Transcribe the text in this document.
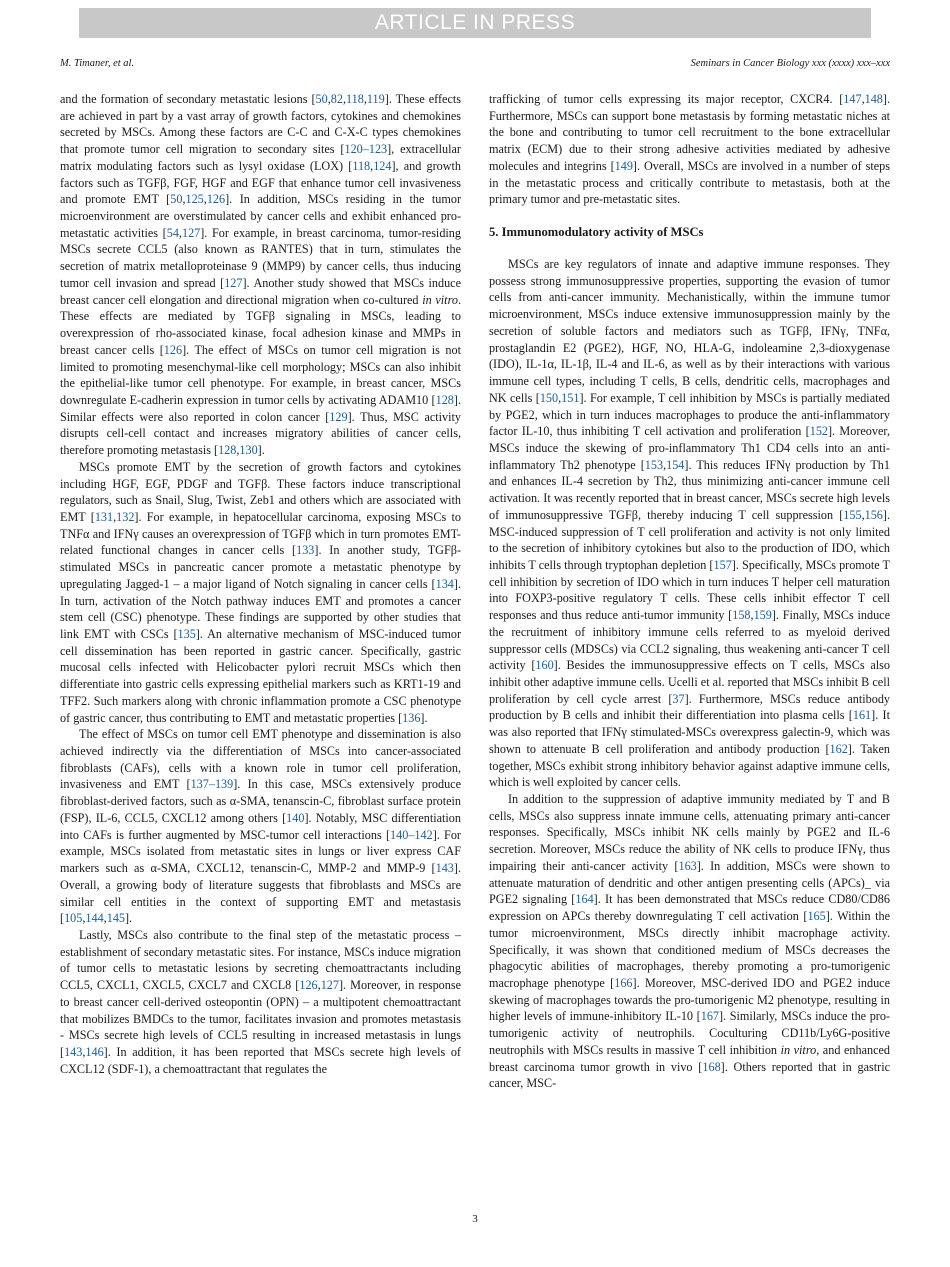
ARTICLE IN PRESS
M. Timaner, et al.	Seminars in Cancer Biology xxx (xxxx) xxx–xxx

and the formation of secondary metastatic lesions [50,82,118,119]. These effects are achieved in part by a vast array of growth factors, cytokines and chemokines secreted by MSCs. Among these factors are C-C and C-X-C types chemokines that promote tumor cell migration to secondary sites [120–123], extracellular matrix modulating factors such as lysyl oxidase (LOX) [118,124], and growth factors such as TGFβ, FGF, HGF and EGF that enhance tumor cell invasiveness and promote EMT [50,125,126]. In addition, MSCs residing in the tumor microenvironment are overstimulated by cancer cells and exhibit enhanced pro-metastatic activities [54,127]. For example, in breast carcinoma, tumor-residing MSCs secrete CCL5 (also known as RANTES) that in turn, stimulates the secretion of matrix metalloproteinase 9 (MMP9) by cancer cells, thus inducing tumor cell invasion and spread [127]. Another study showed that MSCs induce breast cancer cell elongation and directional migration when co-cultured in vitro. These effects are mediated by TGFβ signaling in MSCs, leading to overexpression of rho-associated kinase, focal adhesion kinase and MMPs in breast cancer cells [126]. The effect of MSCs on tumor cell migration is not limited to promoting mesenchymal-like cell morphology; MSCs can also inhibit the epithelial-like tumor cell phenotype. For example, in breast cancer, MSCs downregulate E-cadherin expression in tumor cells by activating ADAM10 [128]. Similar effects were also reported in colon cancer [129]. Thus, MSC activity disrupts cell-cell contact and increases migratory abilities of cancer cells, therefore promoting metastasis [128,130].

MSCs promote EMT by the secretion of growth factors and cytokines including HGF, EGF, PDGF and TGFβ. These factors induce transcriptional regulators, such as Snail, Slug, Twist, Zeb1 and others which are associated with EMT [131,132]. For example, in hepatocellular carcinoma, exposing MSCs to TNFα and IFNγ causes an overexpression of TGFβ which in turn promotes EMT-related functional changes in cancer cells [133]. In another study, TGFβ-stimulated MSCs in pancreatic cancer promote a metastatic phenotype by upregulating Jagged-1 – a major ligand of Notch signaling in cancer cells [134]. In turn, activation of the Notch pathway induces EMT and promotes a cancer stem cell (CSC) phenotype. These findings are supported by other studies that link EMT with CSCs [135]. An alternative mechanism of MSC-induced tumor cell dissemination has been reported in gastric cancer. Specifically, gastric mucosal cells infected with Helicobacter pylori recruit MSCs which then differentiate into gastric cells expressing epithelial markers such as KRT1-19 and TFF2. Such markers along with chronic inflammation promote a CSC phenotype of gastric cancer, thus contributing to EMT and metastatic properties [136].

The effect of MSCs on tumor cell EMT phenotype and dissemination is also achieved indirectly via the differentiation of MSCs into cancer-associated fibroblasts (CAFs), cells with a known role in tumor cell proliferation, invasiveness and EMT [137–139]. In this case, MSCs extensively produce fibroblast-derived factors, such as α-SMA, tenanscin-C, fibroblast surface protein (FSP), IL-6, CCL5, CXCL12 among others [140]. Notably, MSC differentiation into CAFs is further augmented by MSC-tumor cell interactions [140–142]. For example, MSCs isolated from metastatic sites in lungs or liver express CAF markers such as α-SMA, CXCL12, tenanscin-C, MMP-2 and MMP-9 [143]. Overall, a growing body of literature suggests that fibroblasts and MSCs are similar cell entities in the context of supporting EMT and metastasis [105,144,145].

Lastly, MSCs also contribute to the final step of the metastatic process – establishment of secondary metastatic sites. For instance, MSCs induce migration of tumor cells to metastatic lesions by secreting chemoattractants including CCL5, CXCL1, CXCL5, CXCL7 and CXCL8 [126,127]. Moreover, in response to breast cancer cell-derived osteopontin (OPN) – a multipotent chemoattractant that mobilizes BMDCs to the tumor, facilitates invasion and promotes metastasis - MSCs secrete high levels of CCL5 resulting in increased metastasis in lungs [143,146]. In addition, it has been reported that MSCs secrete high levels of CXCL12 (SDF-1), a chemoattractant that regulates the

trafficking of tumor cells expressing its major receptor, CXCR4. [147,148]. Furthermore, MSCs can support bone metastasis by forming metastatic niches at the bone and contributing to tumor cell recruitment to the bone extracellular matrix (ECM) due to their strong adhesive activities mediated by adhesive molecules and integrins [149]. Overall, MSCs are involved in a number of steps in the metastatic process and critically contribute to metastasis, both at the primary tumor and pre-metastatic sites.

5. Immunomodulatory activity of MSCs

MSCs are key regulators of innate and adaptive immune responses. They possess strong immunosuppressive properties, supporting the evasion of tumor cells from anti-cancer immunity. Mechanistically, within the immune tumor microenvironment, MSCs induce extensive immunosuppression mainly by the secretion of soluble factors and mediators such as TGFβ, IFNγ, TNFα, prostaglandin E2 (PGE2), HGF, NO, HLA-G, indoleamine 2,3-dioxygenase (IDO), IL-1α, IL-1β, IL-4 and IL-6, as well as by their interactions with various immune cell types, including T cells, B cells, dendritic cells, macrophages and NK cells [150,151]. For example, T cell inhibition by MSCs is partially mediated by PGE2, which in turn induces macrophages to produce the anti-inflammatory factor IL-10, thus inhibiting T cell activation and proliferation [152]. Moreover, MSCs induce the skewing of pro-inflammatory Th1 CD4 cells into an anti-inflammatory Th2 phenotype [153,154]. This reduces IFNγ production by Th1 and enhances IL-4 secretion by Th2, thus minimizing anti-cancer immune cell activation. It was recently reported that in breast cancer, MSCs secrete high levels of immunosuppressive TGFβ, thereby inducing T cell suppression [155,156]. MSC-induced suppression of T cell proliferation and activity is not only limited to the secretion of inhibitory cytokines but also to the production of IDO, which inhibits T cells through tryptophan depletion [157]. Specifically, MSCs promote T cell inhibition by secretion of IDO which in turn induces T helper cell maturation into FOXP3-positive regulatory T cells. These cells inhibit effector T cell responses and thus reduce anti-tumor immunity [158,159]. Finally, MSCs induce the recruitment of inhibitory immune cells referred to as myeloid derived suppressor cells (MDSCs) via CCL2 signaling, thus weakening anti-cancer T cell activity [160]. Besides the immunosuppressive effects on T cells, MSCs also inhibit other adaptive immune cells. Ucelli et al. reported that MSCs inhibit B cell proliferation by cell cycle arrest [37]. Furthermore, MSCs reduce antibody production by B cells and inhibit their differentiation into plasma cells [161]. It was also reported that IFNγ stimulated-MSCs overexpress galectin-9, which was shown to attenuate B cell proliferation and antibody production [162]. Taken together, MSCs exhibit strong inhibitory behavior against adaptive immune cells, which is well exploited by cancer cells.

In addition to the suppression of adaptive immunity mediated by T and B cells, MSCs also suppress innate immune cells, attenuating primary anti-cancer responses. Specifically, MSCs inhibit NK cells mainly by PGE2 and IL-6 secretion. Moreover, MSCs reduce the ability of NK cells to produce IFNγ, thus impairing their anti-cancer activity [163]. In addition, MSCs were shown to attenuate maturation of dendritic and other antigen presenting cells (APCs)_ via PGE2 signaling [164]. It has been demonstrated that MSCs reduce CD80/CD86 expression on APCs thereby downregulating T cell activation [165]. Within the tumor microenvironment, MSCs directly inhibit macrophage activity. Specifically, it was shown that conditioned medium of MSCs decreases the phagocytic abilities of macrophages, thereby promoting a pro-tumorigenic macrophage phenotype [166]. Moreover, MSC-derived IDO and PGE2 induce skewing of macrophages towards the pro-tumorigenic M2 phenotype, resulting in higher levels of immune-inhibitory IL-10 [167]. Similarly, MSCs induce the pro-tumorigenic activity of neutrophils. Coculturing CD11b/Ly6G-positive neutrophils with MSCs results in massive T cell inhibition in vitro, and enhanced breast carcinoma tumor growth in vivo [168]. Others reported that in gastric cancer, MSC-

3
